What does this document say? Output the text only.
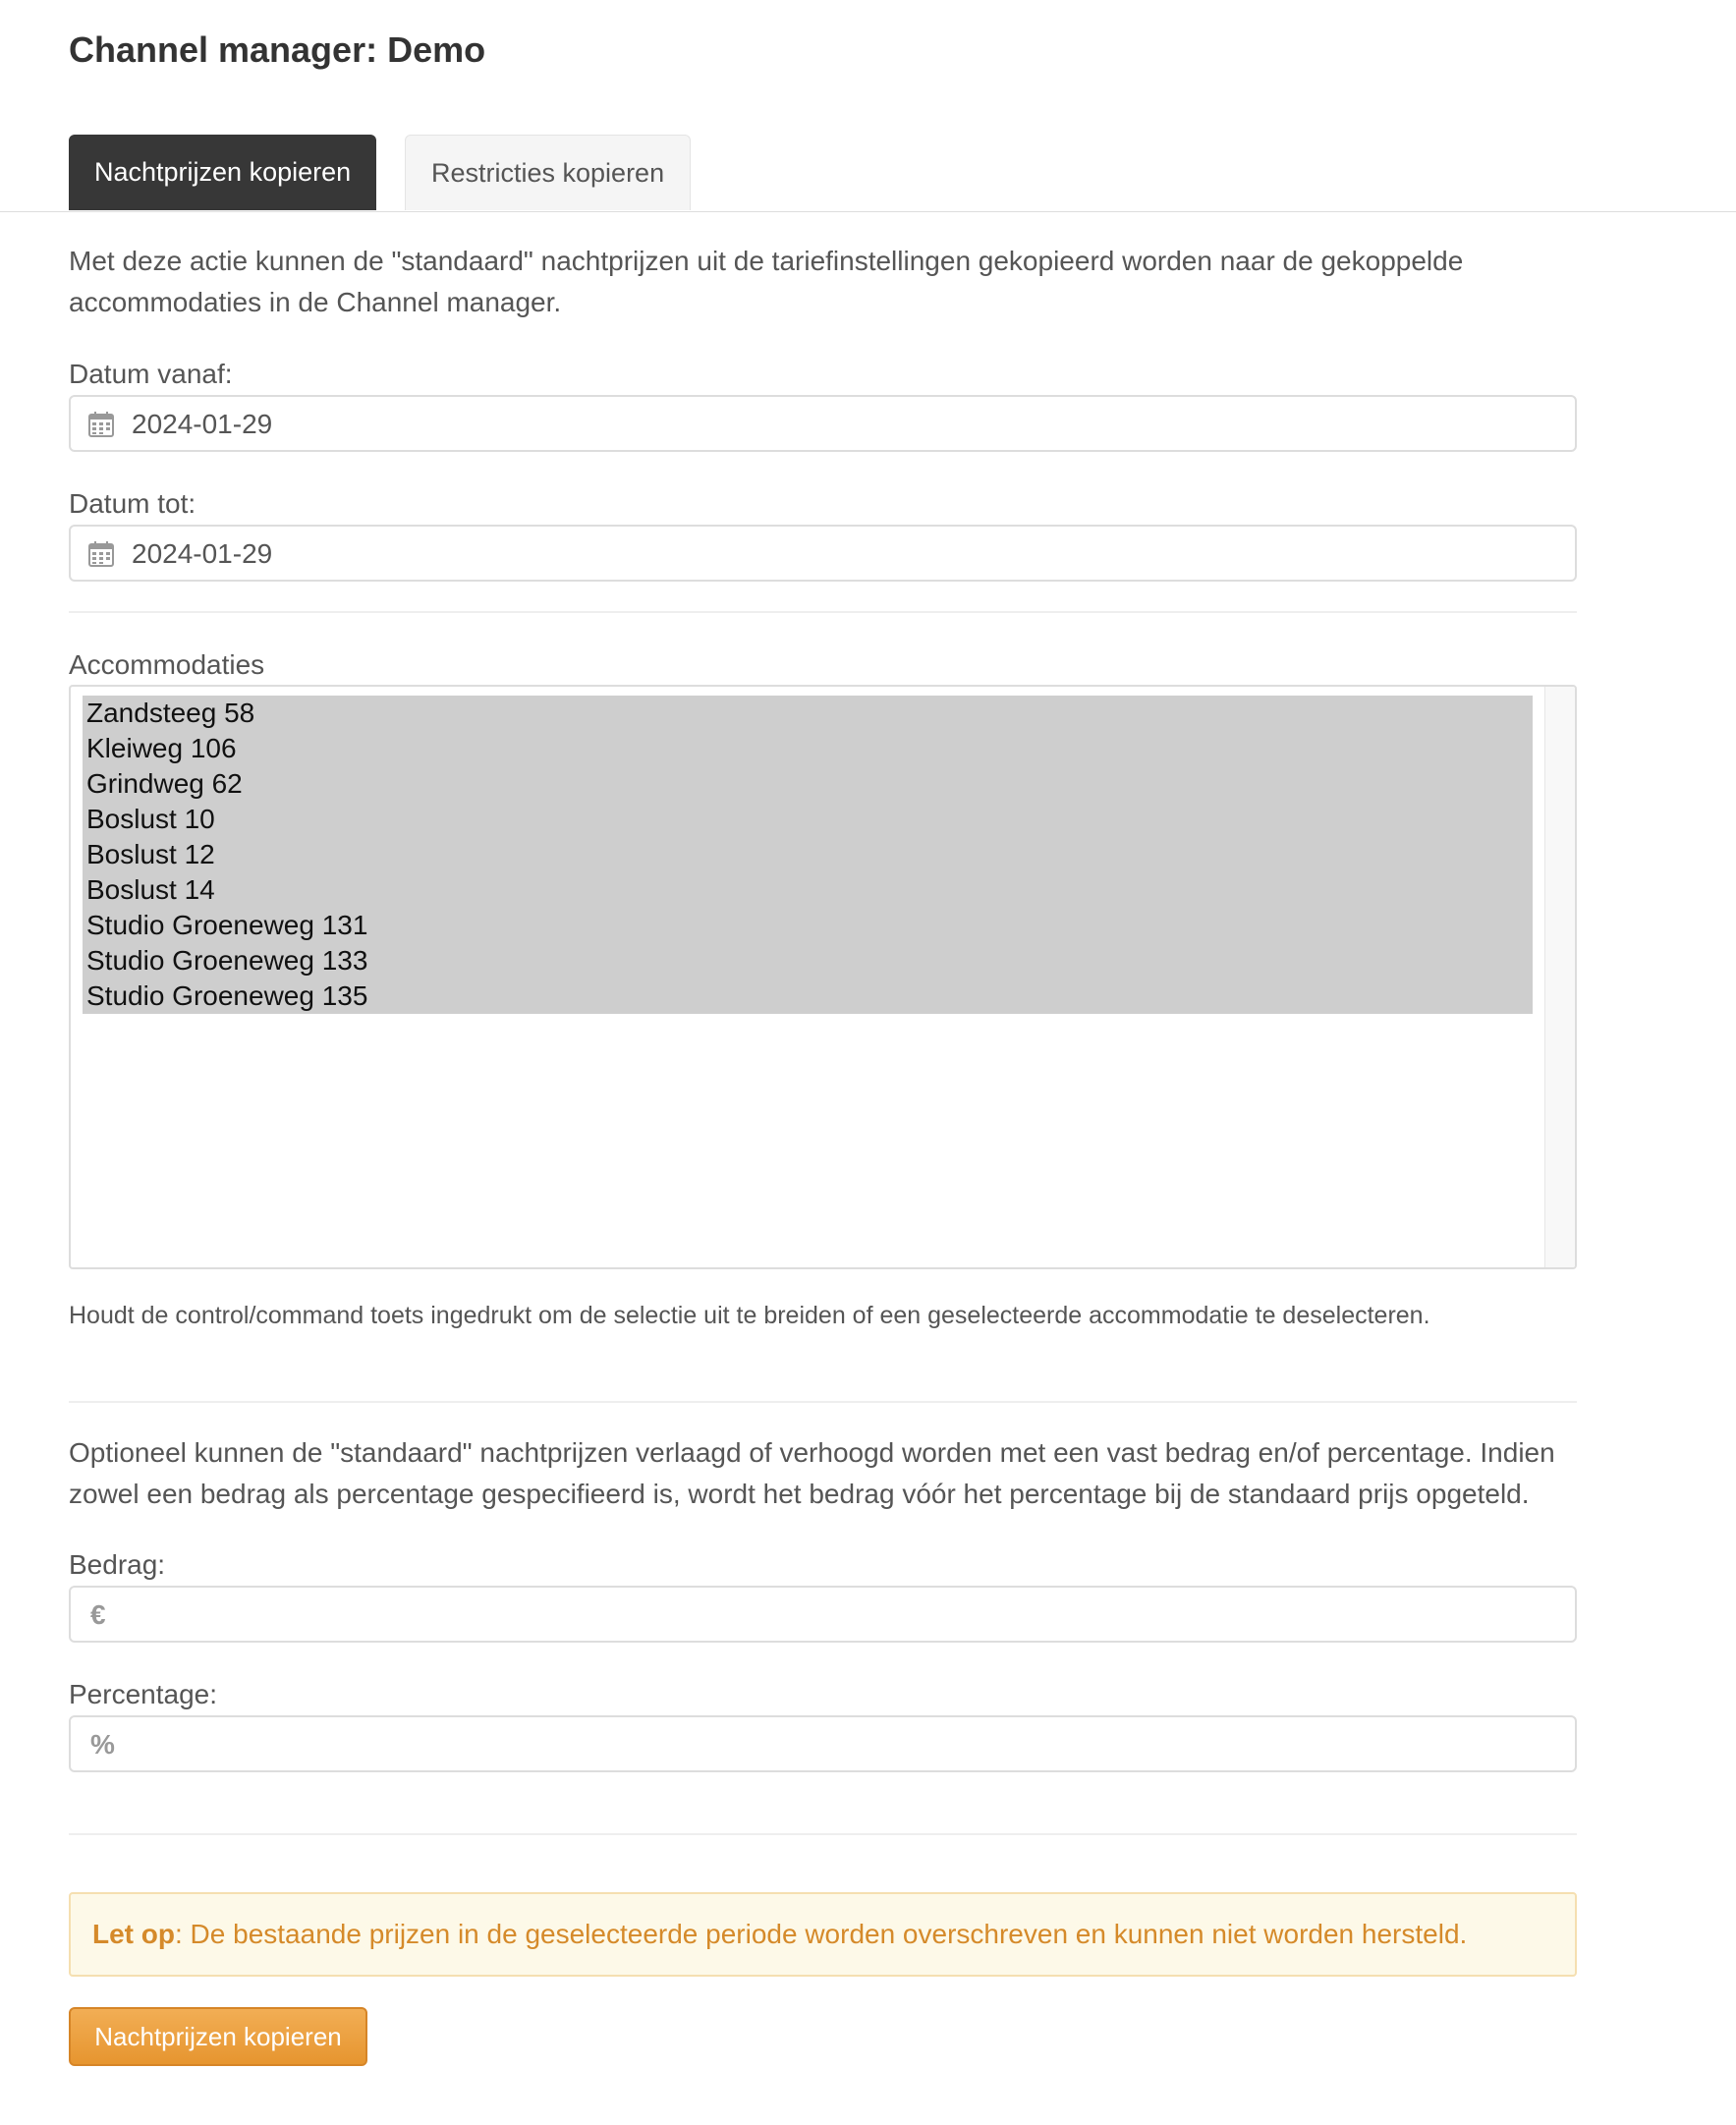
Channel manager: Demo
Nachtprijzen kopieren	Restricties kopieren

Met deze actie kunnen de "standaard" nachtprijzen uit de tariefinstellingen gekopieerd worden naar de gekoppelde accommodaties in de Channel manager.

Datum vanaf:

2024-01-29

Datum tot:

2024-01-29

Accommodaties

Zandsteeg 58
Kleiweg 106
Grindweg 62
Boslust 10
Boslust 12
Boslust 14
Studio Groeneweg 131
Studio Groeneweg 133
Studio Groeneweg 135

Houdt de control/command toets ingedrukt om de selectie uit te breiden of een geselecteerde accommodatie te deselecteren.

Optioneel kunnen de "standaard" nachtprijzen verlaagd of verhoogd worden met een vast bedrag en/of percentage. Indien zowel een bedrag als percentage gespecifieerd is, wordt het bedrag vóór het percentage bij de standaard prijs opgeteld.

Bedrag:

€

Percentage:

%
Let op: De bestaande prijzen in de geselecteerde periode worden overschreven en kunnen niet worden hersteld.
Nachtprijzen kopieren
